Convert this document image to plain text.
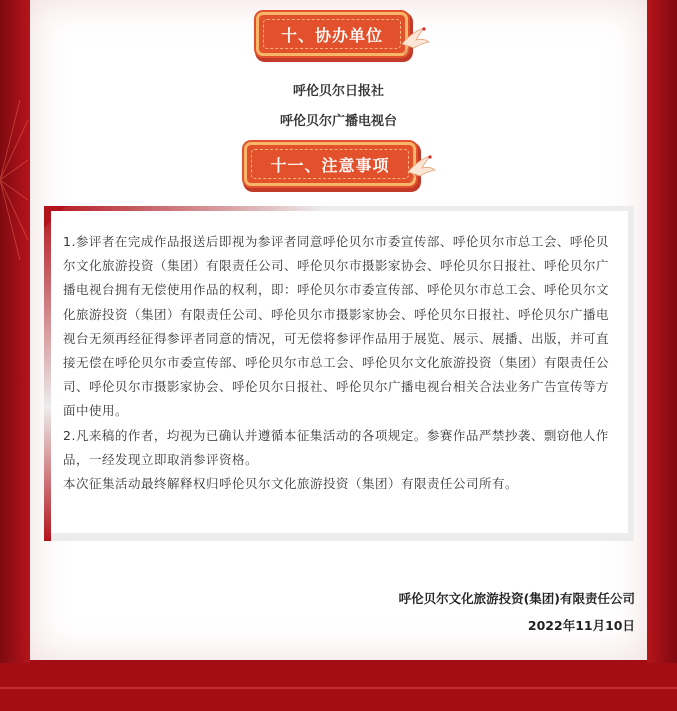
十、协办单位
呼伦贝尔日报社
呼伦贝尔广播电视台
十一、注意事项

1.参评者在完成作品报送后即视为参评者同意呼伦贝尔市委宣传部、呼伦贝尔市总工会、呼伦贝尔文化旅游投资（集团）有限责任公司、呼伦贝尔市摄影家协会、呼伦贝尔日报社、呼伦贝尔广播电视台拥有无偿使用作品的权利，即：呼伦贝尔市委宣传部、呼伦贝尔市总工会、呼伦贝尔文化旅游投资（集团）有限责任公司、呼伦贝尔市摄影家协会、呼伦贝尔日报社、呼伦贝尔广播电视台无须再经征得参评者同意的情况，可无偿将参评作品用于展览、展示、展播、出版，并可直接无偿在呼伦贝尔市委宣传部、呼伦贝尔市总工会、呼伦贝尔文化旅游投资（集团）有限责任公司、呼伦贝尔市摄影家协会、呼伦贝尔日报社、呼伦贝尔广播电视台相关合法业务广告宣传等方面中使用。

2.凡来稿的作者，均视为已确认并遵循本征集活动的各项规定。参赛作品严禁抄袭、剽窃他人作品，一经发现立即取消参评资格。

本次征集活动最终解释权归呼伦贝尔文化旅游投资（集团）有限责任公司所有。

呼伦贝尔文化旅游投资(集团)有限责任公司
2022年11月10日
